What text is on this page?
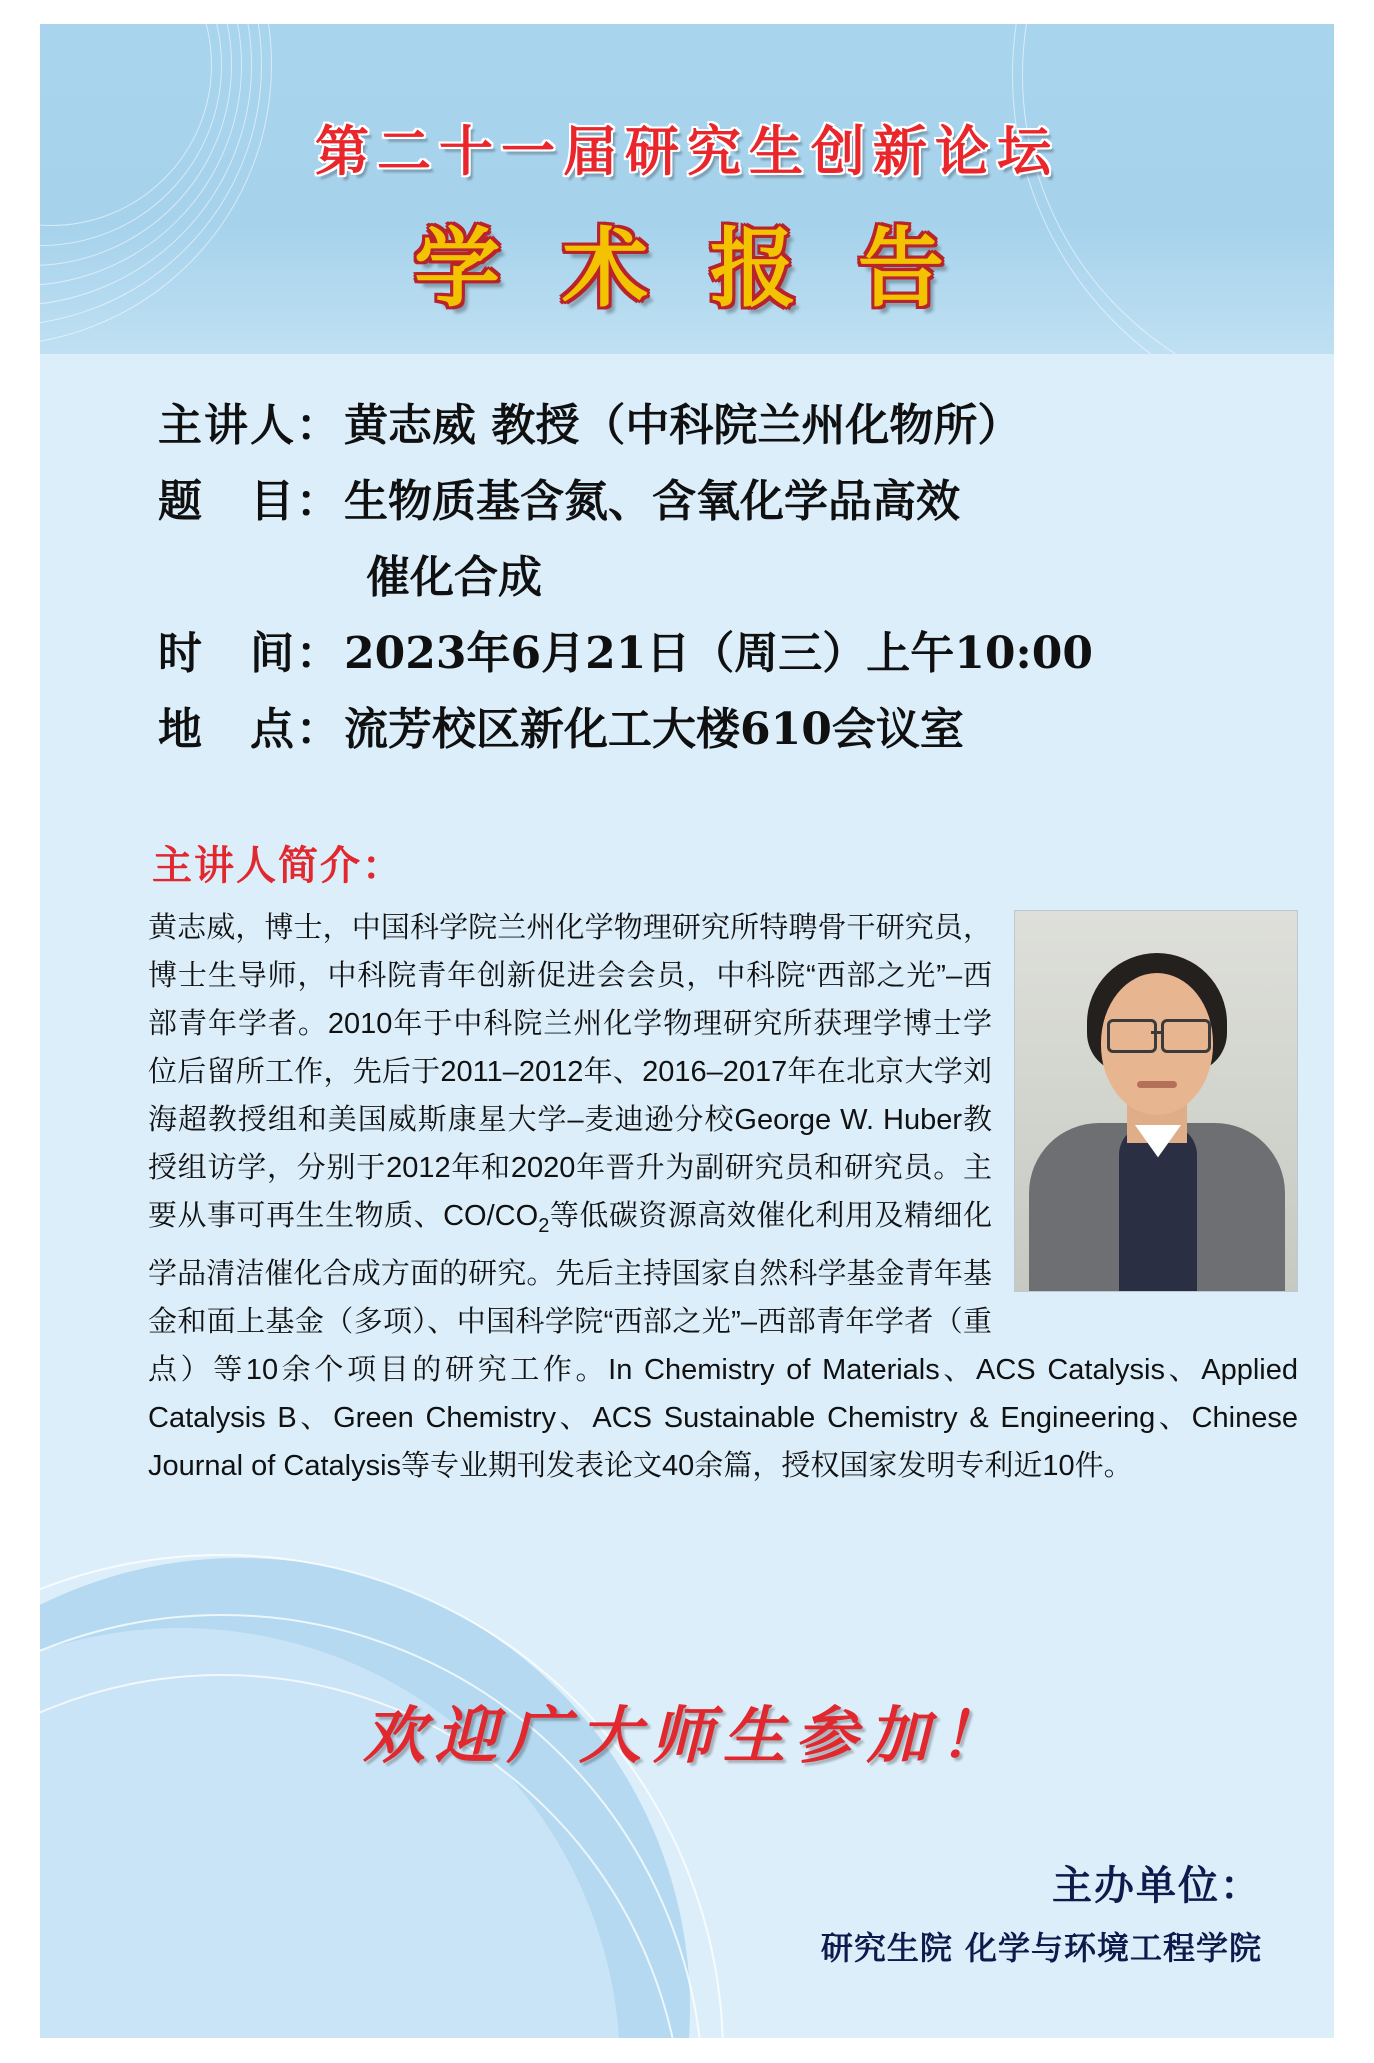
第二十一届研究生创新论坛
学 术 报 告
主讲人： 黄志威 教授 （中科院兰州化物所）
题　目： 生物质基含氮、含氧化学品高效
催化合成
时　间： 2023年6月21日（周三）上午10:00
地　点： 流芳校区新化工大楼610会议室
主讲人简介：
黄志威，博士，中国科学院兰州化学物理研究所特聘骨干研究员，博士生导师，中科院青年创新促进会会员，中科院“西部之光”–西部青年学者。2010年于中科院兰州化学物理研究所获理学博士学位后留所工作，先后于2011–2012年、2016–2017年在北京大学刘海超教授组和美国威斯康星大学–麦迪逊分校George W. Huber教授组访学，分别于2012年和2020年晋升为副研究员和研究员。主要从事可再生生物质、$CO/CO_2$等低碳资源高效催化利用及精细化学品清洁催化合成方面的研究。先后主持国家自然科学基金青年基金和面上基金（多项）、中国科学院“西部之光”–西部青年学者（重点）等10余个项目的研究工作。In Chemistry of Materials、ACS Catalysis、Applied Catalysis B、Green Chemistry、ACS Sustainable Chemistry & Engineering、Chinese Journal of Catalysis等专业期刊发表论文40余篇，授权国家发明专利近10件。
欢迎广大师生参加！
主办单位：
研究生院 化学与环境工程学院
